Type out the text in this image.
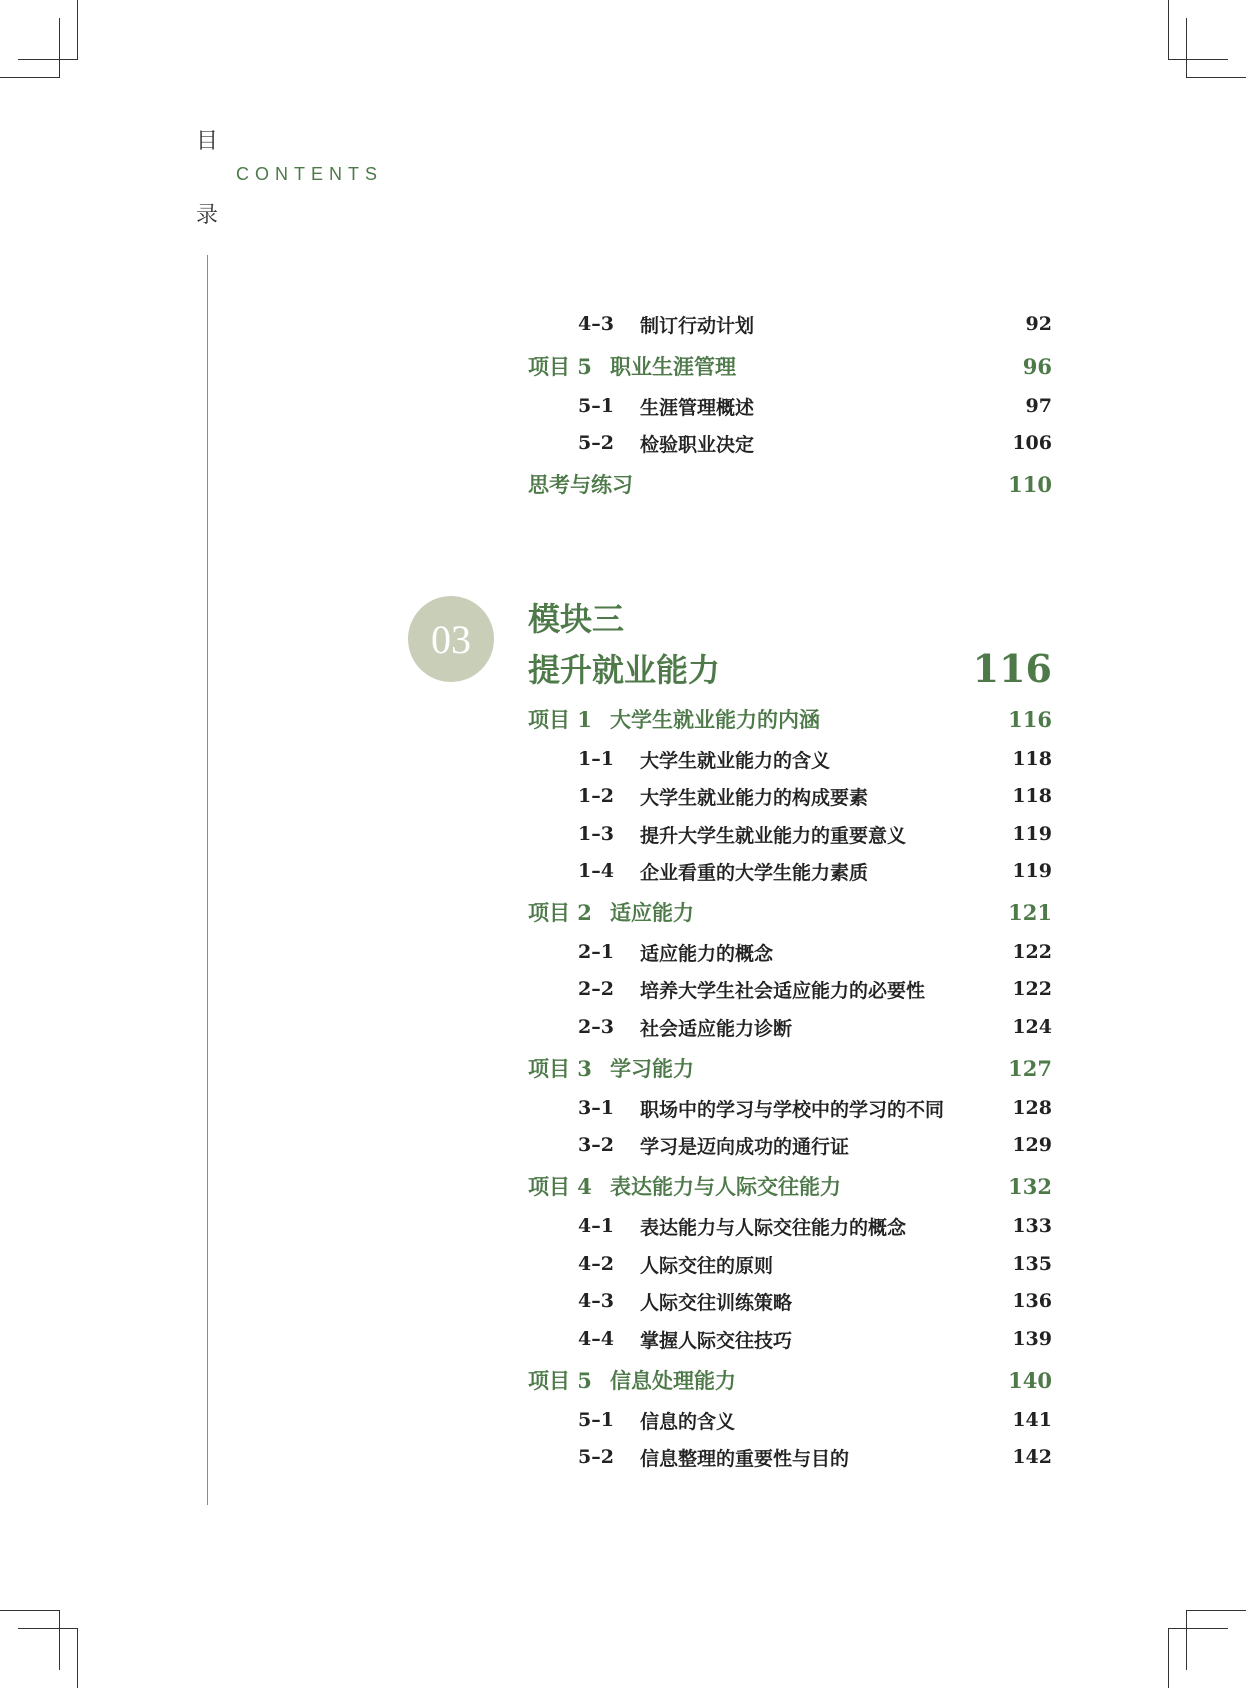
目
CONTENTS
录
4–3	制订行动计划	92
项目 5 职业生涯管理	96
5–1	生涯管理概述	97
5–2	检验职业决定	106
思考与练习	110
03	模块三
提升就业能力	116
项目 1 大学生就业能力的内涵	116
1–1	大学生就业能力的含义	118
1–2	大学生就业能力的构成要素	118
1–3	提升大学生就业能力的重要意义	119
1–4	企业看重的大学生能力素质	119
项目 2 适应能力	121
2–1	适应能力的概念	122
2–2	培养大学生社会适应能力的必要性	122
2–3	社会适应能力诊断	124
项目 3 学习能力	127
3–1	职场中的学习与学校中的学习的不同	128
3–2	学习是迈向成功的通行证	129
项目 4 表达能力与人际交往能力	132
4–1	表达能力与人际交往能力的概念	133
4–2	人际交往的原则	135
4–3	人际交往训练策略	136
4–4	掌握人际交往技巧	139
项目 5 信息处理能力	140
5–1	信息的含义	141
5–2	信息整理的重要性与目的	142
